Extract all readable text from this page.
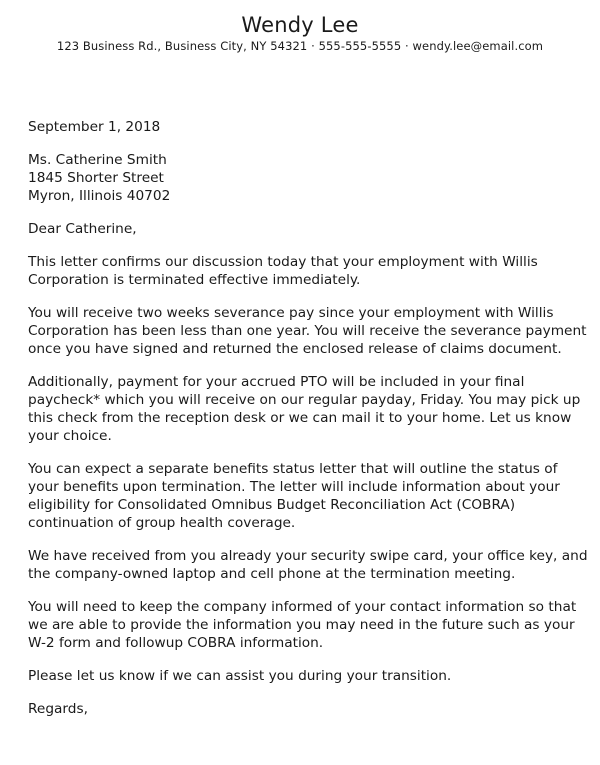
Wendy Lee
123 Business Rd., Business City, NY 54321 · 555-555-5555 · wendy.lee@email.com

September 1, 2018

Ms. Catherine Smith

1845 Shorter Street

Myron, Illinois 40702

Dear Catherine,

This letter confirms our discussion today that your employment with Willis Corporation is terminated effective immediately.

You will receive two weeks severance pay since your employment with Willis Corporation has been less than one year. You will receive the severance payment once you have signed and returned the enclosed release of claims document.

Additionally, payment for your accrued PTO will be included in your final paycheck* which you will receive on our regular payday, Friday. You may pick up this check from the reception desk or we can mail it to your home. Let us know your choice.

You can expect a separate benefits status letter that will outline the status of your benefits upon termination. The letter will include information about your eligibility for Consolidated Omnibus Budget Reconciliation Act (COBRA) continuation of group health coverage.

We have received from you already your security swipe card, your office key, and the company-owned laptop and cell phone at the termination meeting.

You will need to keep the company informed of your contact information so that we are able to provide the information you may need in the future such as your W-2 form and followup COBRA information.

Please let us know if we can assist you during your transition.

Regards,
